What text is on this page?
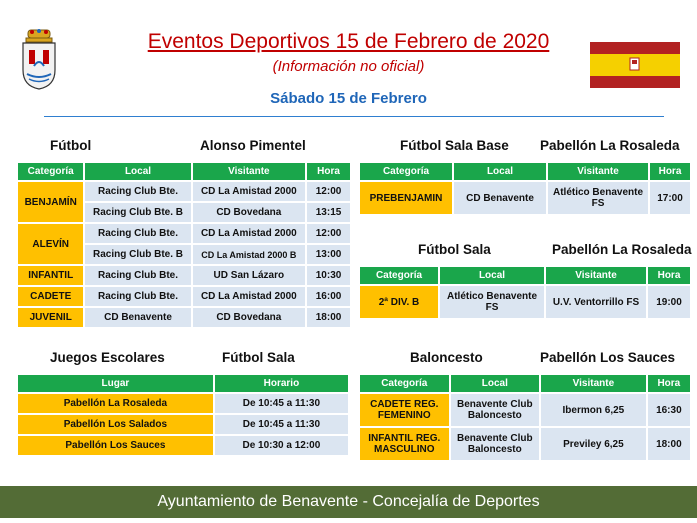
Eventos Deportivos 15 de Febrero de 2020
(Información no oficial)
Sábado 15 de Febrero
Fútbol	Alonso Pimentel
Categoría	Local	Visitante	Hora
BENJAMÍN	Racing Club Bte.	CD La Amistad 2000	12:00
	Racing Club Bte. B	CD Bovedana	13:15
ALEVÍN	Racing Club Bte.	CD La Amistad 2000	12:00
	Racing Club Bte. B	CD La Amistad 2000 B	13:00
INFANTIL	Racing Club Bte.	UD San Lázaro	10:30
CADETE	Racing Club Bte.	CD La Amistad 2000	16:00
JUVENIL	CD Benavente	CD Bovedana	18:00
Juegos Escolares	Fútbol Sala
Lugar	Horario
Pabellón La Rosaleda	De 10:45 a 11:30
Pabellón Los Salados	De 10:45 a 11:30
Pabellón Los Sauces	De 10:30 a 12:00
Fútbol Sala Base Pabellón La Rosaleda
Categoría	Local	Visitante	Hora
PREBENJAMIN	CD Benavente	Atlético Benavente FS	17:00
Fútbol Sala	Pabellón La Rosaleda
Categoría	Local	Visitante	Hora
2ª DIV. B	Atlético Benavente FS	U.V. Ventorrillo FS	19:00
Baloncesto	Pabellón Los Sauces
Categoría	Local	Visitante	Hora
CADETE REG. FEMENINO	Benavente Club Baloncesto	Ibermon 6,25	16:30
INFANTIL REG. MASCULINO	Benavente Club Baloncesto	Previley 6,25	18:00
Ayuntamiento de Benavente - Concejalía de Deportes
